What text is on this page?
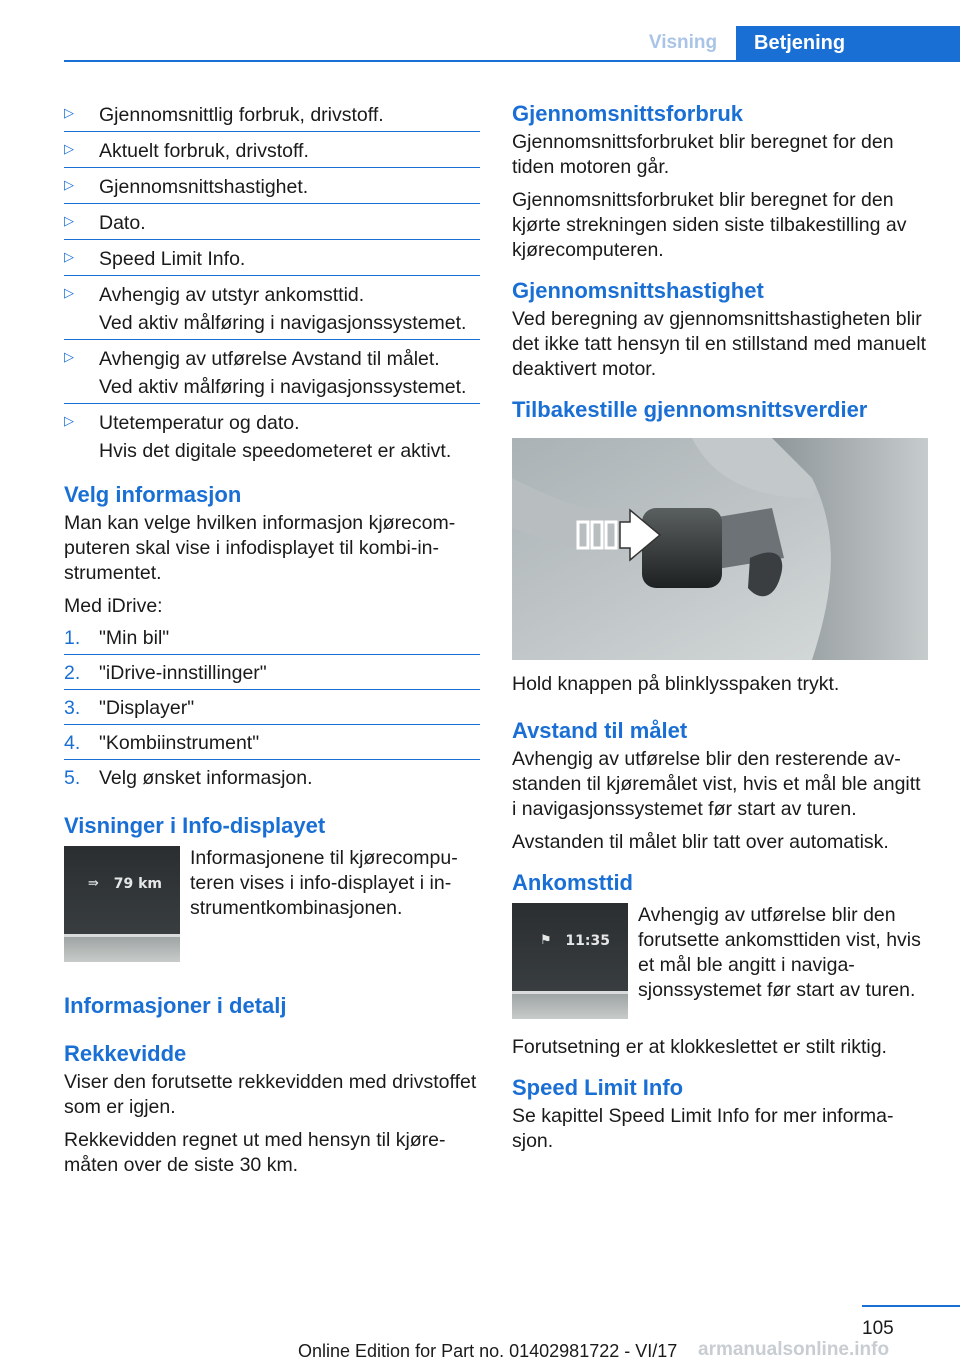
Visning	Betjening
▷ Gjennomsnittlig forbruk, drivstoff.
▷ Aktuelt forbruk, drivstoff.
▷ Gjennomsnittshastighet.
▷ Dato.
▷ Speed Limit Info.
▷ Avhengig av utstyr ankomsttid.
Ved aktiv målføring i navigasjonssystemet.
▷ Avhengig av utførelse Avstand til målet.
Ved aktiv målføring i navigasjonssystemet.
▷ Utetemperatur og dato.
Hvis det digitale speedometeret er aktivt.
Velg informasjon

Man kan velge hvilken informasjon kjørecomputeren skal vise i infodisplayet til kombi-instrumentet.

Med iDrive:

1. "Min bil"
2. "iDrive-innstillinger"
3. "Displayer"
4. "Kombiinstrument"
5. Velg ønsket informasjon.
Visninger i Info-displayet
⇛ 79 km
Informasjonene til kjørecomputeren vises i info-displayet i instrumentkombinasjonen.
Informasjoner i detalj
Rekkevidde

Viser den forutsette rekkevidden med drivstoffet som er igjen.

Rekkevidden regnet ut med hensyn til kjøremåten over de siste 30 km.

Gjennomsnittsforbruk

Gjennomsnittsforbruket blir beregnet for den tiden motoren går.

Gjennomsnittsforbruket blir beregnet for den kjørte strekningen siden siste tilbakestilling av kjørecomputeren.

Gjennomsnittshastighet

Ved beregning av gjennomsnittshastigheten blir det ikke tatt hensyn til en stillstand med manuelt deaktivert motor.

Tilbakestille gjennomsnittsverdier

Hold knappen på blinklysspaken trykt.

Avstand til målet

Avhengig av utførelse blir den resterende avstanden til kjøremålet vist, hvis et mål ble angitt i navigasjonssystemet før start av turen.

Avstanden til målet blir tatt over automatisk.

Ankomsttid
⚑ 11:35
Avhengig av utførelse blir den forutsette ankomsttiden vist, hvis et mål ble angitt i navigasjonssystemet før start av turen.

Forutsetning er at klokkeslettet er stilt riktig.

Speed Limit Info

Se kapittel Speed Limit Info for mer informasjon.

105
Online Edition for Part no. 01402981722 - VI/17 armanualsonline.info
